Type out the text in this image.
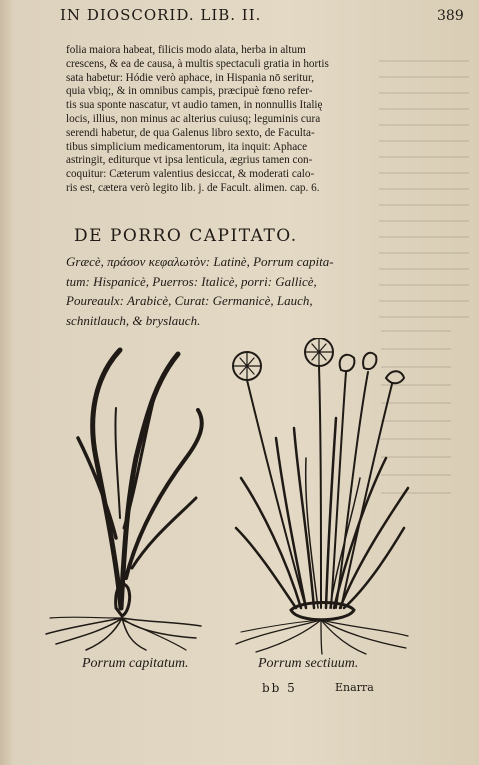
IN DIOSCORID. LIB. II.	389
folia maiora habeat, filicis modo alata, herba in altum
crescens, & ea de causa, à multis spectaculi gratia in hortis
sata habetur: Hódie verò aphace, in Hispania nō seritur,
quia vbiq;, & in omnibus campis, præcipuè fœno refer-
tis sua sponte nascatur, vt audio tamen, in nonnullis Italię
locis, illius, non minus ac alterius cuiusq; leguminis cura
serendi habetur, de qua Galenus libro sexto, de Faculta-
tibus simplicium medicamentorum, ita inquit: Aphace
astringit, editurque vt ipsa lenticula, ægrius tamen con-
coquitur: Cæterum valentius desiccat, & moderati calo-
ris est, cætera verò legito lib. j. de Facult. alimen. cap. 6.
DE PORRO CAPITATO.
Græcè, πράσον κεφαλωτὸν: Latinè, Porrum capita-
tum: Hispanicè, Puerros: Italicè, porri: Gallicè,
Poureaulx: Arabicè, Curat: Germanicè, Lauch,
schnitlauch, & bryslauch.
Porrum capitatum.	Porrum sectiuum.
bb 5	Enarra
